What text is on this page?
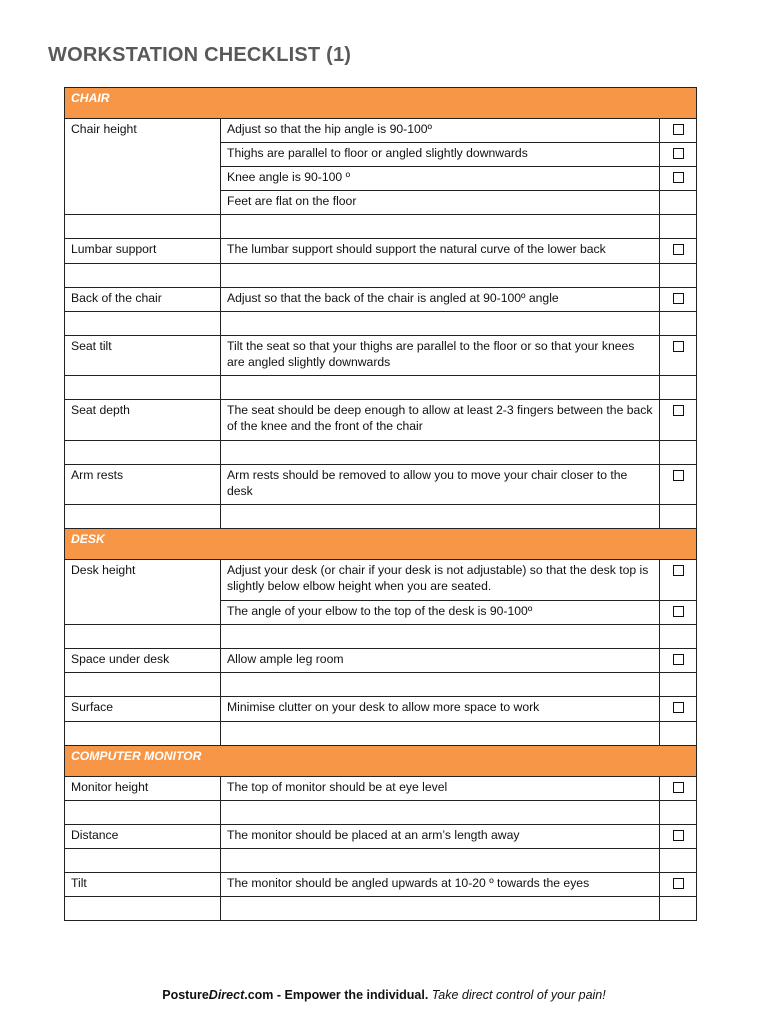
WORKSTATION CHECKLIST (1)
CHAIR		
Chair height	Adjust so that the hip angle is 90-100º	
	Thighs are parallel to floor or angled slightly downwards	
	Knee angle is 90-100 º	
	Feet are flat on the floor	

Lumbar support	The lumbar support should support the natural curve of the lower back	

Back of the chair	Adjust so that the back of the chair is angled at 90-100º angle	

Seat tilt	Tilt the seat so that your thighs are parallel to the floor or so that your knees are angled slightly downwards	

Seat depth	The seat should be deep enough to allow at least 2-3 fingers between the back of the knee and the front of the chair	

Arm rests	Arm rests should be removed to allow you to move your chair closer to the desk	

DESK		
Desk height	Adjust your desk (or chair if your desk is not adjustable) so that the desk top is slightly below elbow height when you are seated.	
	The angle of your elbow to the top of the desk is 90-100º	

Space under desk	Allow ample leg room	

Surface	Minimise clutter on your desk to allow more space to work	

COMPUTER MONITOR		
Monitor height	The top of monitor should be at eye level	

Distance	The monitor should be placed at an arm’s length away	

Tilt	The monitor should be angled upwards at 10-20 º towards the eyes	

PostureDirect.com - Empower the individual. Take direct control of your pain!
